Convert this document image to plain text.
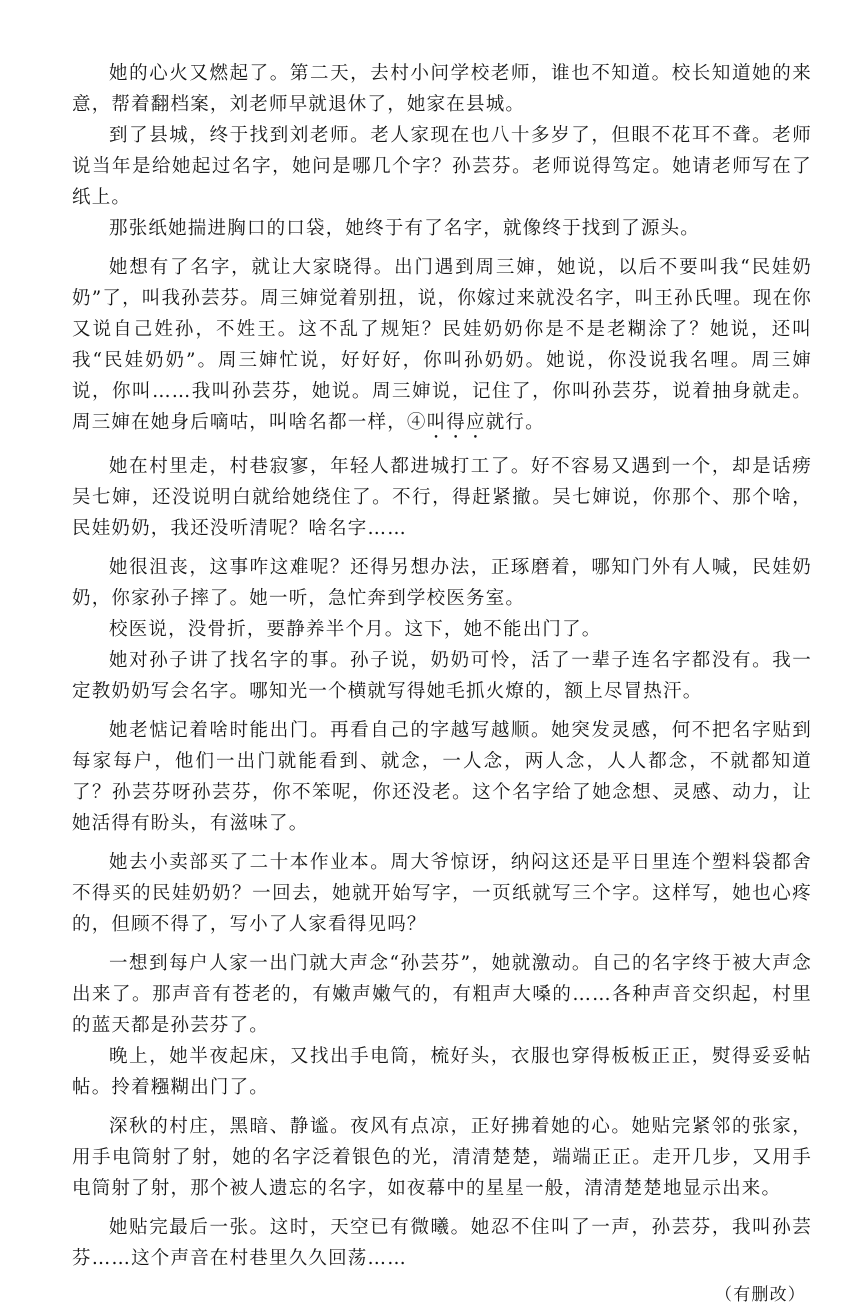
她的心火又燃起了。第二天，去村小问学校老师，谁也不知道。校长知道她的来意，帮着翻档案，刘老师早就退休了，她家在县城。

到了县城，终于找到刘老师。老人家现在也八十多岁了，但眼不花耳不聋。老师说当年是给她起过名字，她问是哪几个字？孙芸芬。老师说得笃定。她请老师写在了纸上。

那张纸她揣进胸口的口袋，她终于有了名字，就像终于找到了源头。

她想有了名字，就让大家晓得。出门遇到周三婶，她说，以后不要叫我“民娃奶奶”了，叫我孙芸芬。周三婶觉着别扭，说，你嫁过来就没名字，叫王孙氏哩。现在你又说自己姓孙，不姓王。这不乱了规矩？民娃奶奶你是不是老糊涂了？她说，还叫我“民娃奶奶”。周三婶忙说，好好好，你叫孙奶奶。她说，你没说我名哩。周三婶说，你叫……我叫孙芸芬，她说。周三婶说，记住了，你叫孙芸芬，说着抽身就走。周三婶在她身后嘀咕，叫啥名都一样，④叫得应就行。

她在村里走，村巷寂寥，年轻人都进城打工了。好不容易又遇到一个，却是话痨吴七婶，还没说明白就给她绕住了。不行，得赶紧撤。吴七婶说，你那个、那个啥，民娃奶奶，我还没听清呢？啥名字……

她很沮丧，这事咋这难呢？还得另想办法，正琢磨着，哪知门外有人喊，民娃奶奶，你家孙子摔了。她一听，急忙奔到学校医务室。

校医说，没骨折，要静养半个月。这下，她不能出门了。

她对孙子讲了找名字的事。孙子说，奶奶可怜，活了一辈子连名字都没有。我一定教奶奶写会名字。哪知光一个横就写得她毛抓火燎的，额上尽冒热汗。

她老惦记着啥时能出门。再看自己的字越写越顺。她突发灵感，何不把名字贴到每家每户，他们一出门就能看到、就念，一人念，两人念，人人都念，不就都知道了？孙芸芬呀孙芸芬，你不笨呢，你还没老。这个名字给了她念想、灵感、动力，让她活得有盼头，有滋味了。

她去小卖部买了二十本作业本。周大爷惊讶，纳闷这还是平日里连个塑料袋都舍不得买的民娃奶奶？一回去，她就开始写字，一页纸就写三个字。这样写，她也心疼的，但顾不得了，写小了人家看得见吗？

一想到每户人家一出门就大声念“孙芸芬”，她就激动。自己的名字终于被大声念出来了。那声音有苍老的，有嫩声嫩气的，有粗声大嗓的……各种声音交织起，村里的蓝天都是孙芸芬了。

晚上，她半夜起床，又找出手电筒，梳好头，衣服也穿得板板正正，熨得妥妥帖帖。拎着糨糊出门了。

深秋的村庄，黑暗、静谧。夜风有点凉，正好拂着她的心。她贴完紧邻的张家，用手电筒射了射，她的名字泛着银色的光，清清楚楚，端端正正。走开几步，又用手电筒射了射，那个被人遗忘的名字，如夜幕中的星星一般，清清楚楚地显示出来。

她贴完最后一张。这时，天空已有微曦。她忍不住叫了一声，孙芸芬，我叫孙芸芬……这个声音在村巷里久久回荡……

（有删改）
